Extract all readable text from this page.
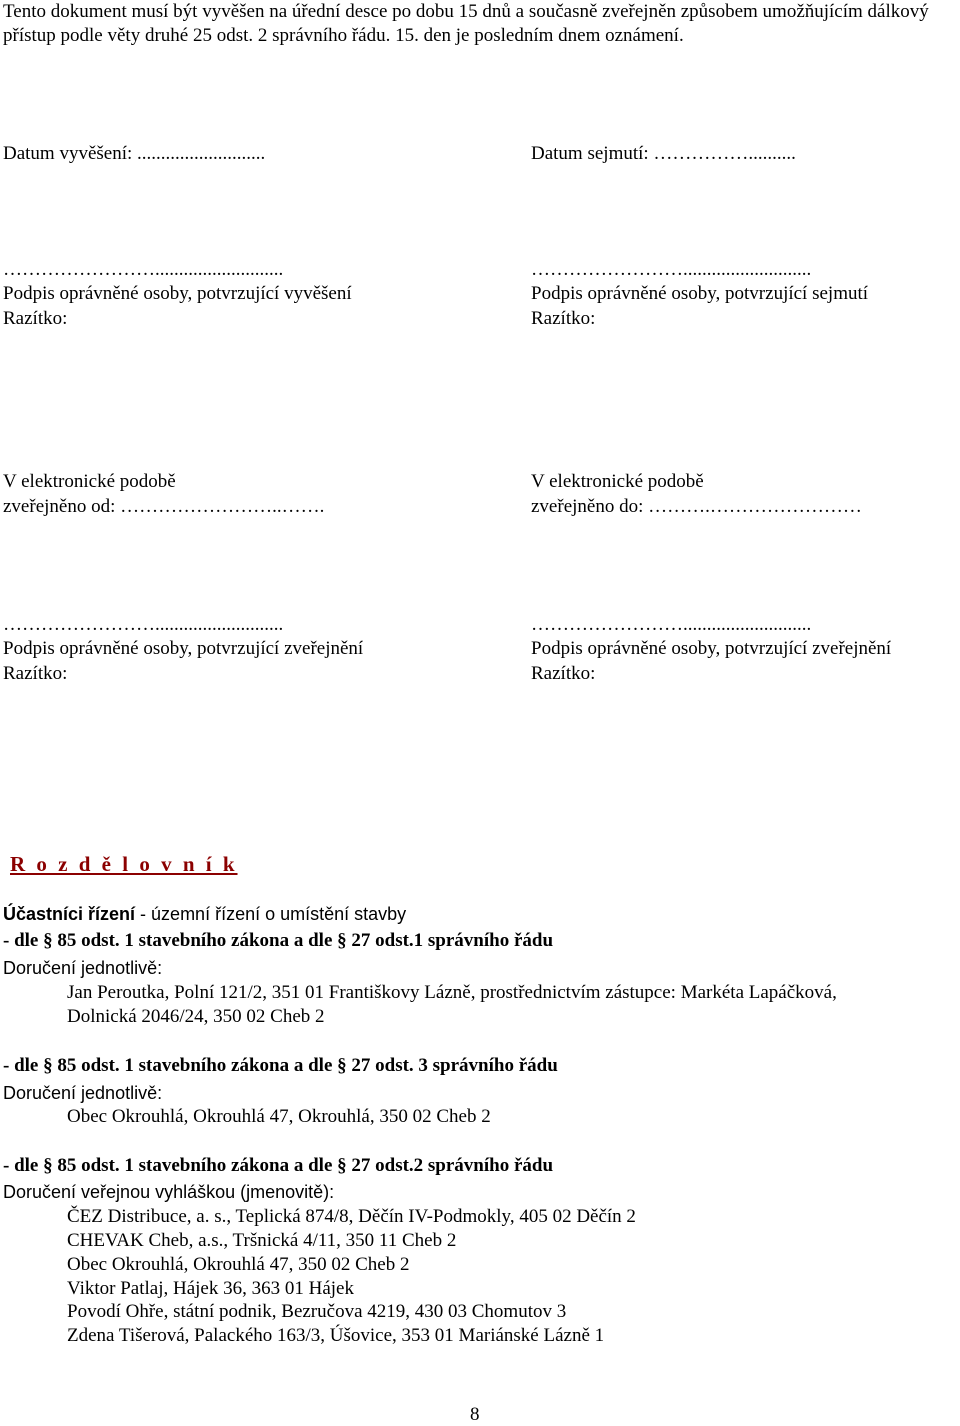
Tento dokument musí být vyvěšen na úřední desce po dobu 15 dnů a současně zveřejněn způsobem umožňujícím dálkový přístup podle věty druhé 25 odst. 2 správního řádu. 15. den je posledním dnem oznámení.
Datum vyvěšení: ...........................	Datum sejmutí: ……………..........
……………………...........................
Podpis oprávněné osoby, potvrzující vyvěšení
Razítko:
……………………...........................
Podpis oprávněné osoby, potvrzující sejmutí
Razítko:
V elektronické podobě
zveřejněno od: ……………………..…….
V elektronické podobě
zveřejněno do: ……….……………………
……………………...........................
Podpis oprávněné osoby, potvrzující zveřejnění
Razítko:
……………………...........................
Podpis oprávněné osoby, potvrzující zveřejnění
Razítko:
R o z d ě l o v n í k
Účastníci řízení - územní řízení o umístění stavby
- dle § 85 odst. 1 stavebního zákona a dle § 27 odst.1 správního řádu
Doručení jednotlivě:
Jan Peroutka, Polní 121/2, 351 01 Františkovy Lázně, prostřednictvím zástupce: Markéta Lapáčková,
Dolnická 2046/24, 350 02 Cheb 2
- dle § 85 odst. 1 stavebního zákona a dle § 27 odst. 3 správního řádu
Doručení jednotlivě:
Obec Okrouhlá, Okrouhlá 47, Okrouhlá, 350 02 Cheb 2
- dle § 85 odst. 1 stavebního zákona a dle § 27 odst.2 správního řádu
Doručení veřejnou vyhláškou (jmenovitě):
ČEZ Distribuce, a. s., Teplická 874/8, Děčín IV-Podmokly, 405 02 Děčín 2
CHEVAK Cheb, a.s., Tršnická 4/11, 350 11 Cheb 2
Obec Okrouhlá, Okrouhlá 47, 350 02 Cheb 2
Viktor Patlaj, Hájek 36, 363 01 Hájek
Povodí Ohře, státní podnik, Bezručova 4219, 430 03 Chomutov 3
Zdena Tišerová, Palackého 163/3, Úšovice, 353 01 Mariánské Lázně 1
8
